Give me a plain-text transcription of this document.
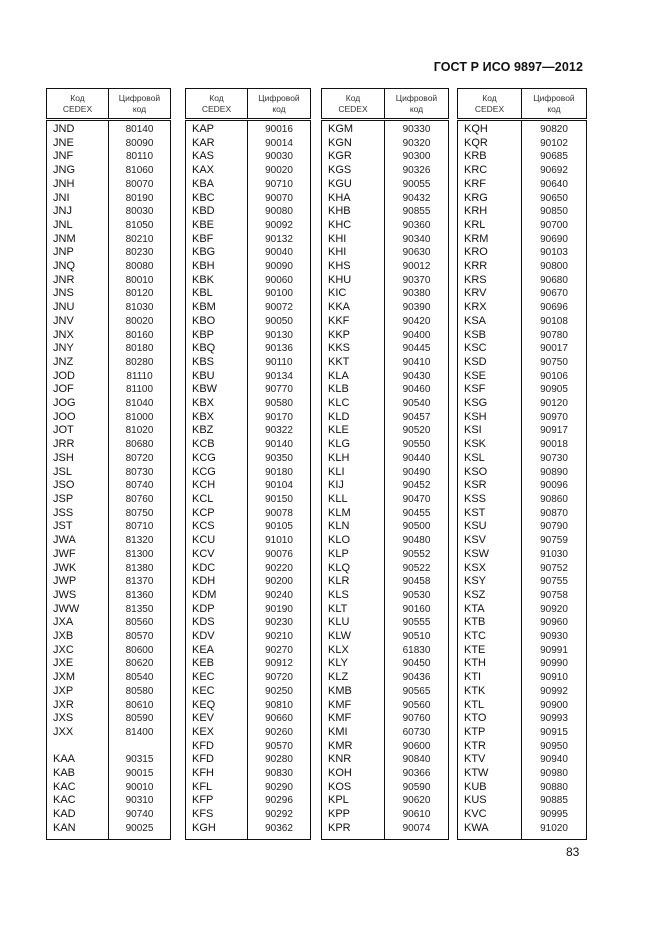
ГОСТ Р ИСО 9897—2012
Код
CEDEX

Цифровой
код

JND	80140
JNE	80090
JNF	80110
JNG	81060
JNH	80070
JNI	80190
JNJ	80030
JNL	81050
JNM	80210
JNP	80230
JNQ	80080
JNR	80010
JNS	80120
JNU	81030
JNV	80020
JNX	80160
JNY	80180
JNZ	80280
JOD	81110
JOF	81100
JOG	81040
JOO	81000
JOT	81020
JRR	80680
JSH	80720
JSL	80730
JSO	80740
JSP	80760
JSS	80750
JST	80710
JWA	81320
JWF	81300
JWK	81380
JWP	81370
JWS	81360
JWW	81350
JXA	80560
JXB	80570
JXC	80600
JXE	80620
JXM	80540
JXP	80580
JXR	80610
JXS	80590
JXX	81400

KAA	90315
KAB	90015
KAC	90010
KAC	90310
KAD	90740
KAN	90025
Код
CEDEX

Цифровой
код

KAP	90016
KAR	90014
KAS	90030
KAX	90020
KBA	90710
KBC	90070
KBD	90080
KBE	90092
KBF	90132
KBG	90040
KBH	90090
KBK	90060
KBL	90100
KBM	90072
KBO	90050
KBP	90130
KBQ	90136
KBS	90110
KBU	90134
KBW	90770
KBX	90580
KBX	90170
KBZ	90322
KCB	90140
KCG	90350
KCG	90180
KCH	90104
KCL	90150
KCP	90078
KCS	90105
KCU	91010
KCV	90076
KDC	90220
KDH	90200
KDM	90240
KDP	90190
KDS	90230
KDV	90210
KEA	90270
KEB	90912
KEC	90720
KEC	90250
KEQ	90810
KEV	90660
KEX	90260
KFD	90570
KFD	90280
KFH	90830
KFL	90290
KFP	90296
KFS	90292
KGH	90362
Код
CEDEX

Цифровой
код

KGM	90330
KGN	90320
KGR	90300
KGS	90326
KGU	90055
KHA	90432
KHB	90855
KHC	90360
KHI	90340
KHI	90630
KHS	90012
KHU	90370
KIC	90380
KKA	90390
KKF	90420
KKP	90400
KKS	90445
KKT	90410
KLA	90430
KLB	90460
KLC	90540
KLD	90457
KLE	90520
KLG	90550
KLH	90440
KLI	90490
KIJ	90452
KLL	90470
KLM	90455
KLN	90500
KLO	90480
KLP	90552
KLQ	90522
KLR	90458
KLS	90530
KLT	90160
KLU	90555
KLW	90510
KLX	61830
KLY	90450
KLZ	90436
KMB	90565
KMF	90560
KMF	90760
KMI	60730
KMR	90600
KNR	90840
KOH	90366
KOS	90590
KPL	90620
KPP	90610
KPR	90074
Код
CEDEX

Цифровой
код

KQH	90820
KQR	90102
KRB	90685
KRC	90692
KRF	90640
KRG	90650
KRH	90850
KRL	90700
KRM	90690
KRO	90103
KRR	90800
KRS	90680
KRV	90670
KRX	90696
KSA	90108
KSB	90780
KSC	90017
KSD	90750
KSE	90106
KSF	90905
KSG	90120
KSH	90970
KSI	90917
KSK	90018
KSL	90730
KSO	90890
KSR	90096
KSS	90860
KST	90870
KSU	90790
KSV	90759
KSW	91030
KSX	90752
KSY	90755
KSZ	90758
KTA	90920
KTB	90960
KTC	90930
KTE	90991
KTH	90990
KTI	90910
KTK	90992
KTL	90900
KTO	90993
KTP	90915
KTR	90950
KTV	90940
KTW	90980
KUB	90880
KUS	90885
KVC	90995
KWA	91020
83
